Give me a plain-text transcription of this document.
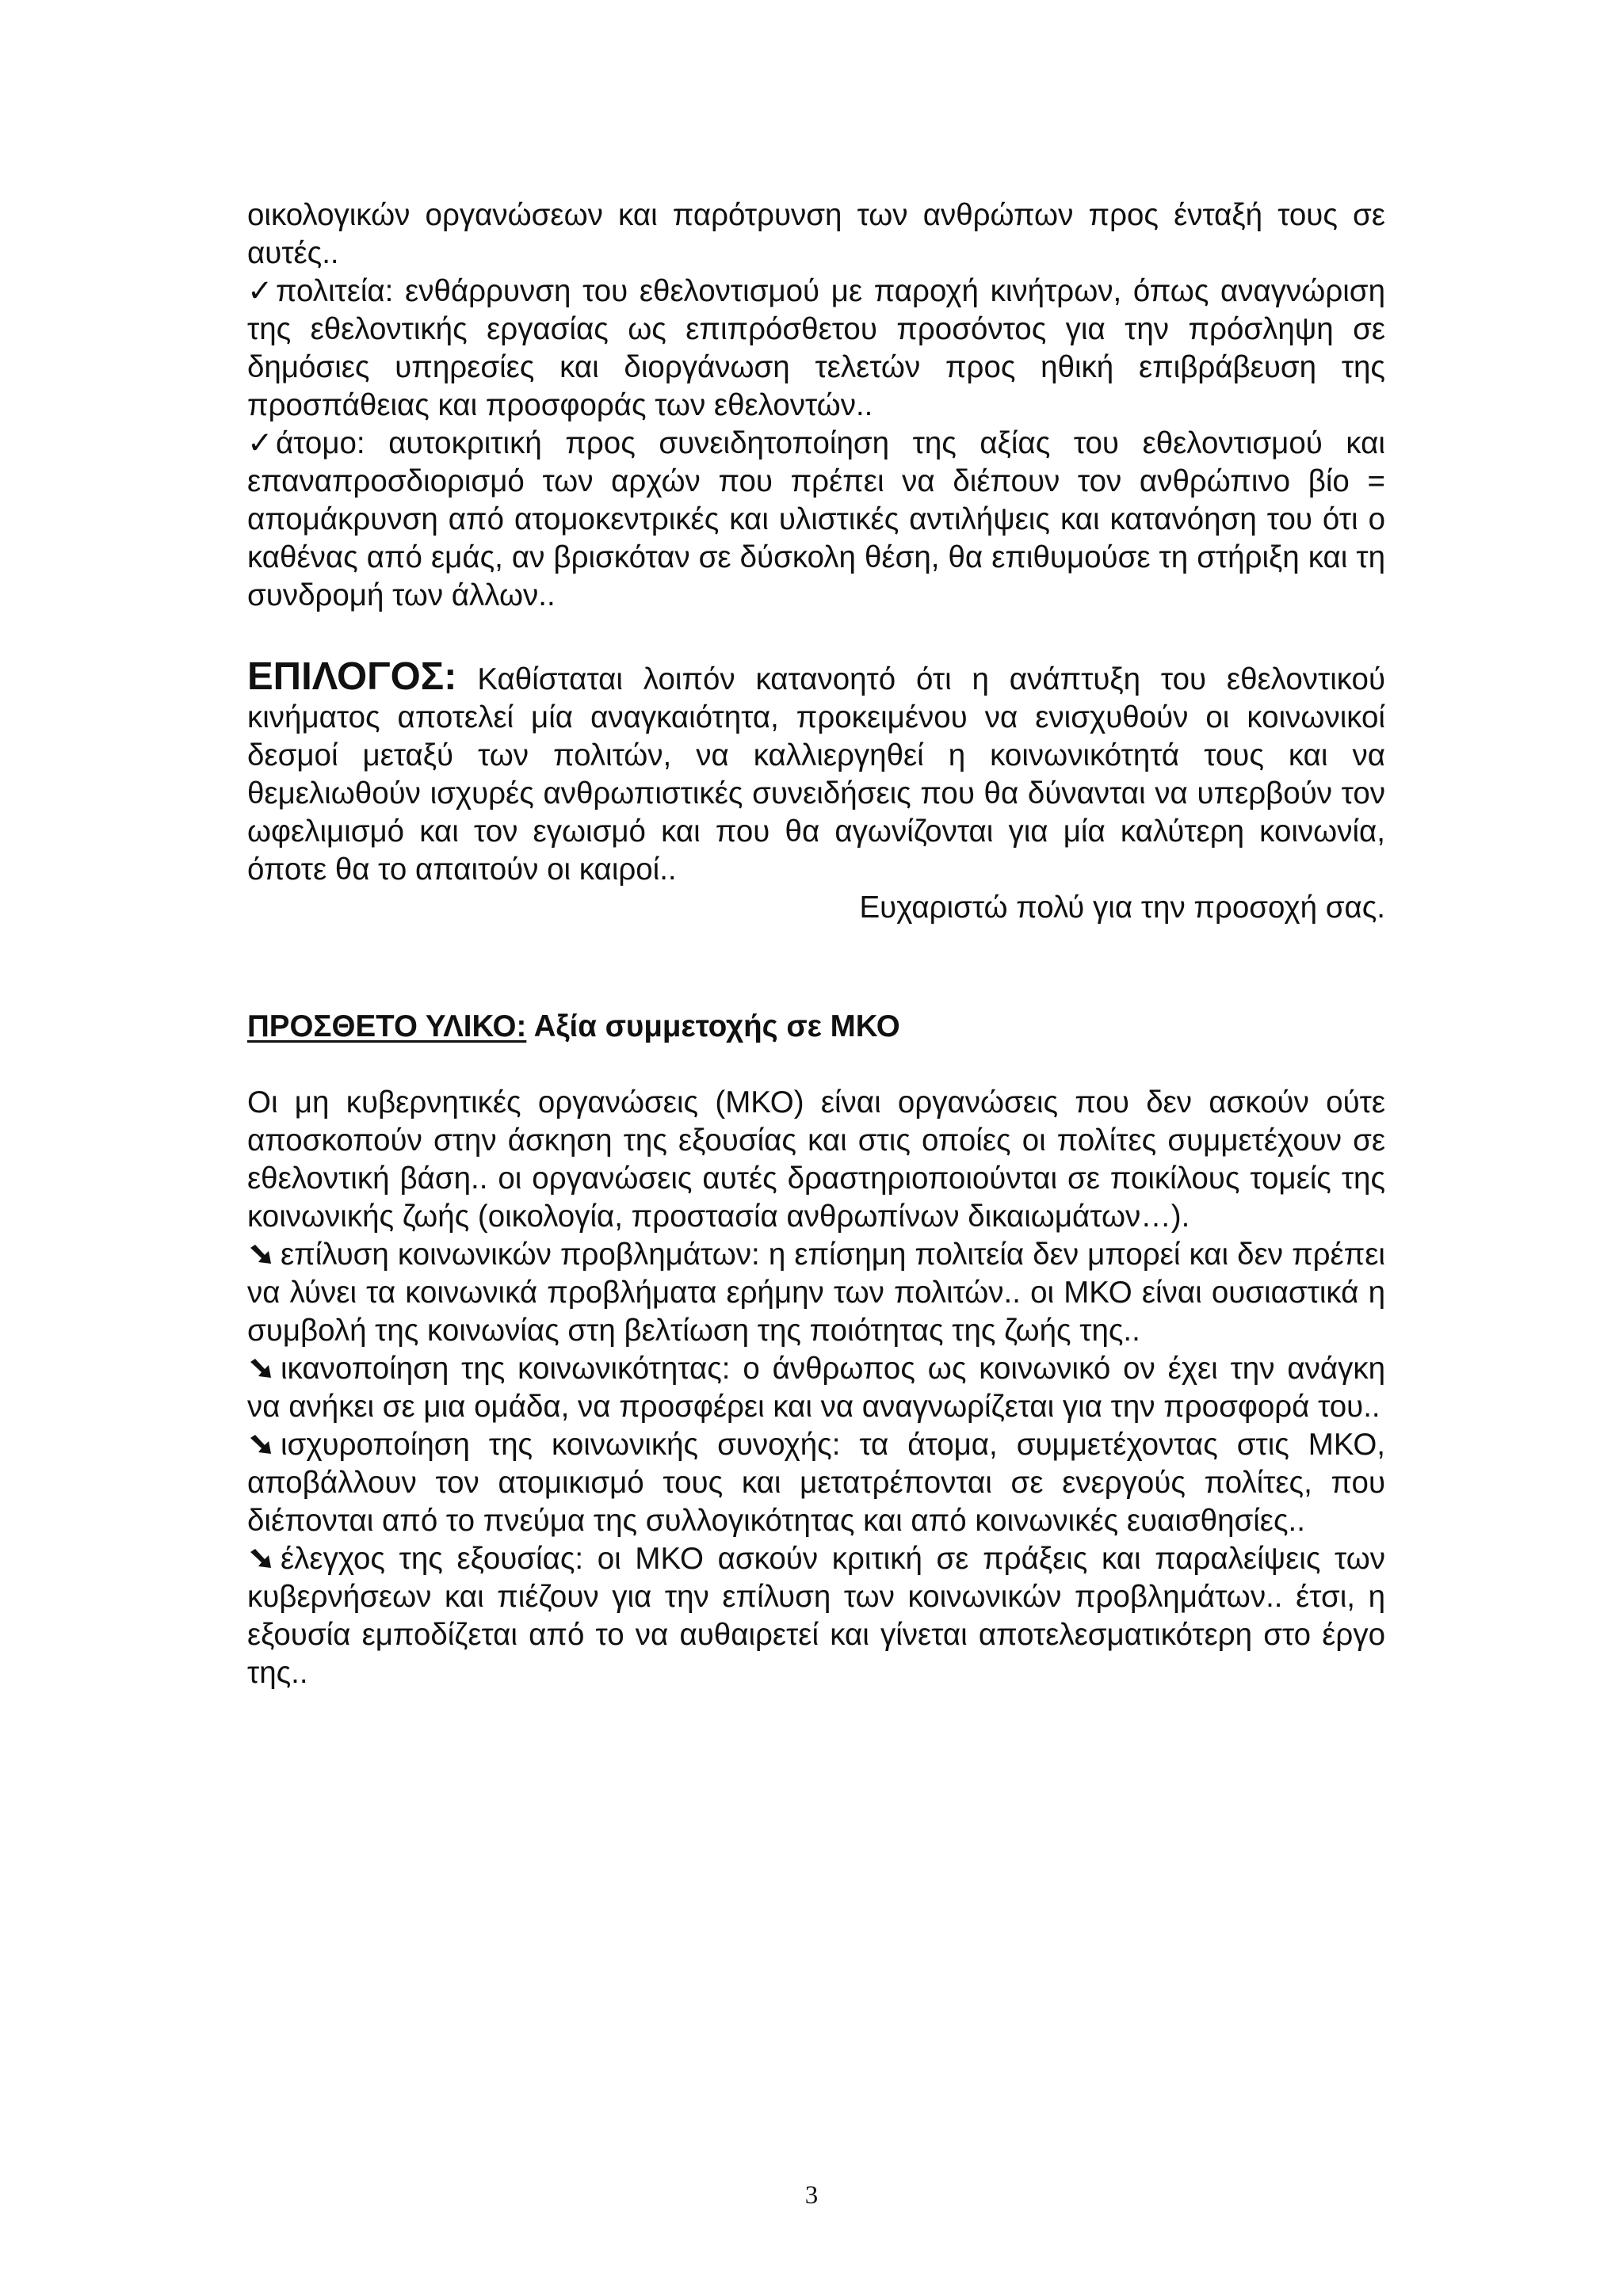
οικολογικών οργανώσεων και παρότρυνση των ανθρώπων προς ένταξή τους σε αυτές..

✓πολιτεία: ενθάρρυνση του εθελοντισμού με παροχή κινήτρων, όπως αναγνώριση της εθελοντικής εργασίας ως επιπρόσθετου προσόντος για την πρόσληψη σε δημόσιες υπηρεσίες και διοργάνωση τελετών προς ηθική επιβράβευση της προσπάθειας και προσφοράς των εθελοντών..

✓άτομο: αυτοκριτική προς συνειδητοποίηση της αξίας του εθελοντισμού και επαναπροσδιορισμό των αρχών που πρέπει να διέπουν τον ανθρώπινο βίο = απομάκρυνση από ατομοκεντρικές και υλιστικές αντιλήψεις και κατανόηση του ότι ο καθένας από εμάς, αν βρισκόταν σε δύσκολη θέση, θα επιθυμούσε τη στήριξη και τη συνδρομή των άλλων..

ΕΠΙΛΟΓΟΣ: Καθίσταται λοιπόν κατανοητό ότι η ανάπτυξη του εθελοντικού κινήματος αποτελεί μία αναγκαιότητα, προκειμένου να ενισχυθούν οι κοινωνικοί δεσμοί μεταξύ των πολιτών, να καλλιεργηθεί η κοινωνικότητά τους και να θεμελιωθούν ισχυρές ανθρωπιστικές συνειδήσεις που θα δύνανται να υπερβούν τον ωφελιμισμό και τον εγωισμό και που θα αγωνίζονται για μία καλύτερη κοινωνία, όποτε θα το απαιτούν οι καιροί..

Ευχαριστώ πολύ για την προσοχή σας.

ΠΡΟΣΘΕΤΟ ΥΛΙΚΟ: Αξία συμμετοχής σε ΜΚΟ

Οι μη κυβερνητικές οργανώσεις (ΜΚΟ) είναι οργανώσεις που δεν ασκούν ούτε αποσκοπούν στην άσκηση της εξουσίας και στις οποίες οι πολίτες συμμετέχουν σε εθελοντική βάση.. οι οργανώσεις αυτές δραστηριοποιούνται σε ποικίλους τομείς της κοινωνικής ζωής (οικολογία, προστασία ανθρωπίνων δικαιωμάτων…).

επίλυση κοινωνικών προβλημάτων: η επίσημη πολιτεία δεν μπορεί και δεν πρέπει να λύνει τα κοινωνικά προβλήματα ερήμην των πολιτών.. οι ΜΚΟ είναι ουσιαστικά η συμβολή της κοινωνίας στη βελτίωση της ποιότητας της ζωής της..

ικανοποίηση της κοινωνικότητας: ο άνθρωπος ως κοινωνικό ον έχει την ανάγκη να ανήκει σε μια ομάδα, να προσφέρει και να αναγνωρίζεται για την προσφορά του..

ισχυροποίηση της κοινωνικής συνοχής: τα άτομα, συμμετέχοντας στις ΜΚΟ, αποβάλλουν τον ατομικισμό τους και μετατρέπονται σε ενεργούς πολίτες, που διέπονται από το πνεύμα της συλλογικότητας και από κοινωνικές ευαισθησίες..

έλεγχος της εξουσίας: οι ΜΚΟ ασκούν κριτική σε πράξεις και παραλείψεις των κυβερνήσεων και πιέζουν για την επίλυση των κοινωνικών προβλημάτων.. έτσι, η εξουσία εμποδίζεται από το να αυθαιρετεί και γίνεται αποτελεσματικότερη στο έργο της..

3
